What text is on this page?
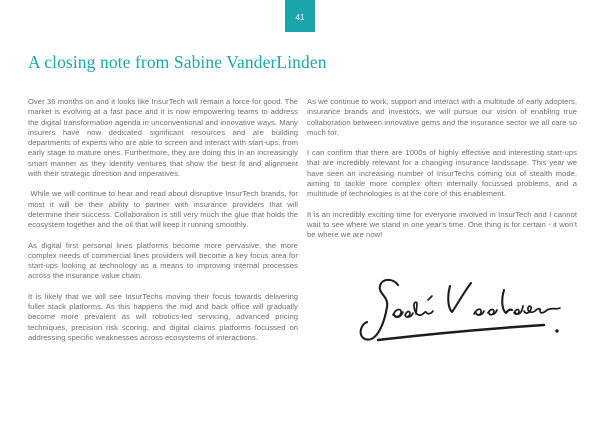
41
A closing note from Sabine VanderLinden

Over 36 months on and it looks like InsurTech will remain a force for good. The market is evolving at a fast pace and it is now empowering teams to address the digital transformation agenda in unconventional and innovative ways. Many insurers have now dedicated significant resources and are building departments of experts who are able to screen and interact with start-ups, from early stage to mature ones. Furthermore, they are doing this in an increasingly smart manner as they identify ventures that show the best fit and alignment with their strategic direction and imperatives.

While we will continue to hear and read about disruptive InsurTech brands, for most it will be their ability to partner with insurance providers that will determine their success. Collaboration is still very much the glue that holds the ecosystem together and the oil that will keep it running smoothly.

As digital first personal lines platforms become more pervasive, the more complex needs of commercial lines providers will become a key focus area for start-ups looking at technology as a means to improving internal processes across the insurance value chain.

It is likely that we will see InsurTechs moving their focus towards delivering fuller stack platforms. As this happens the mid and back office will gradually become more prevalent as will robotics-led servicing, advanced pricing techniques, precision risk scoring, and digital claims platforms focussed on addressing specific weaknesses across ecosystems of interactions.

As we continue to work, support and interact with a multitude of early adopters, insurance brands and investors, we will pursue our vision of enabling true collaboration between innovative gems and the insurance sector we all care so much for.

I can confirm that there are 1000s of highly effective and interesting start-ups that are incredibly relevant for a changing insurance landscape. This year we have seen an increasing number of InsurTechs coming out of stealth mode, aiming to tackle more complex often internally focussed problems, and a multitude of technologies is at the core of this enablement.

It is an incredibly exciting time for everyone involved in InsurTech and I cannot wait to see where we stand in one year's time. One thing is for certain - it won't be where we are now!
